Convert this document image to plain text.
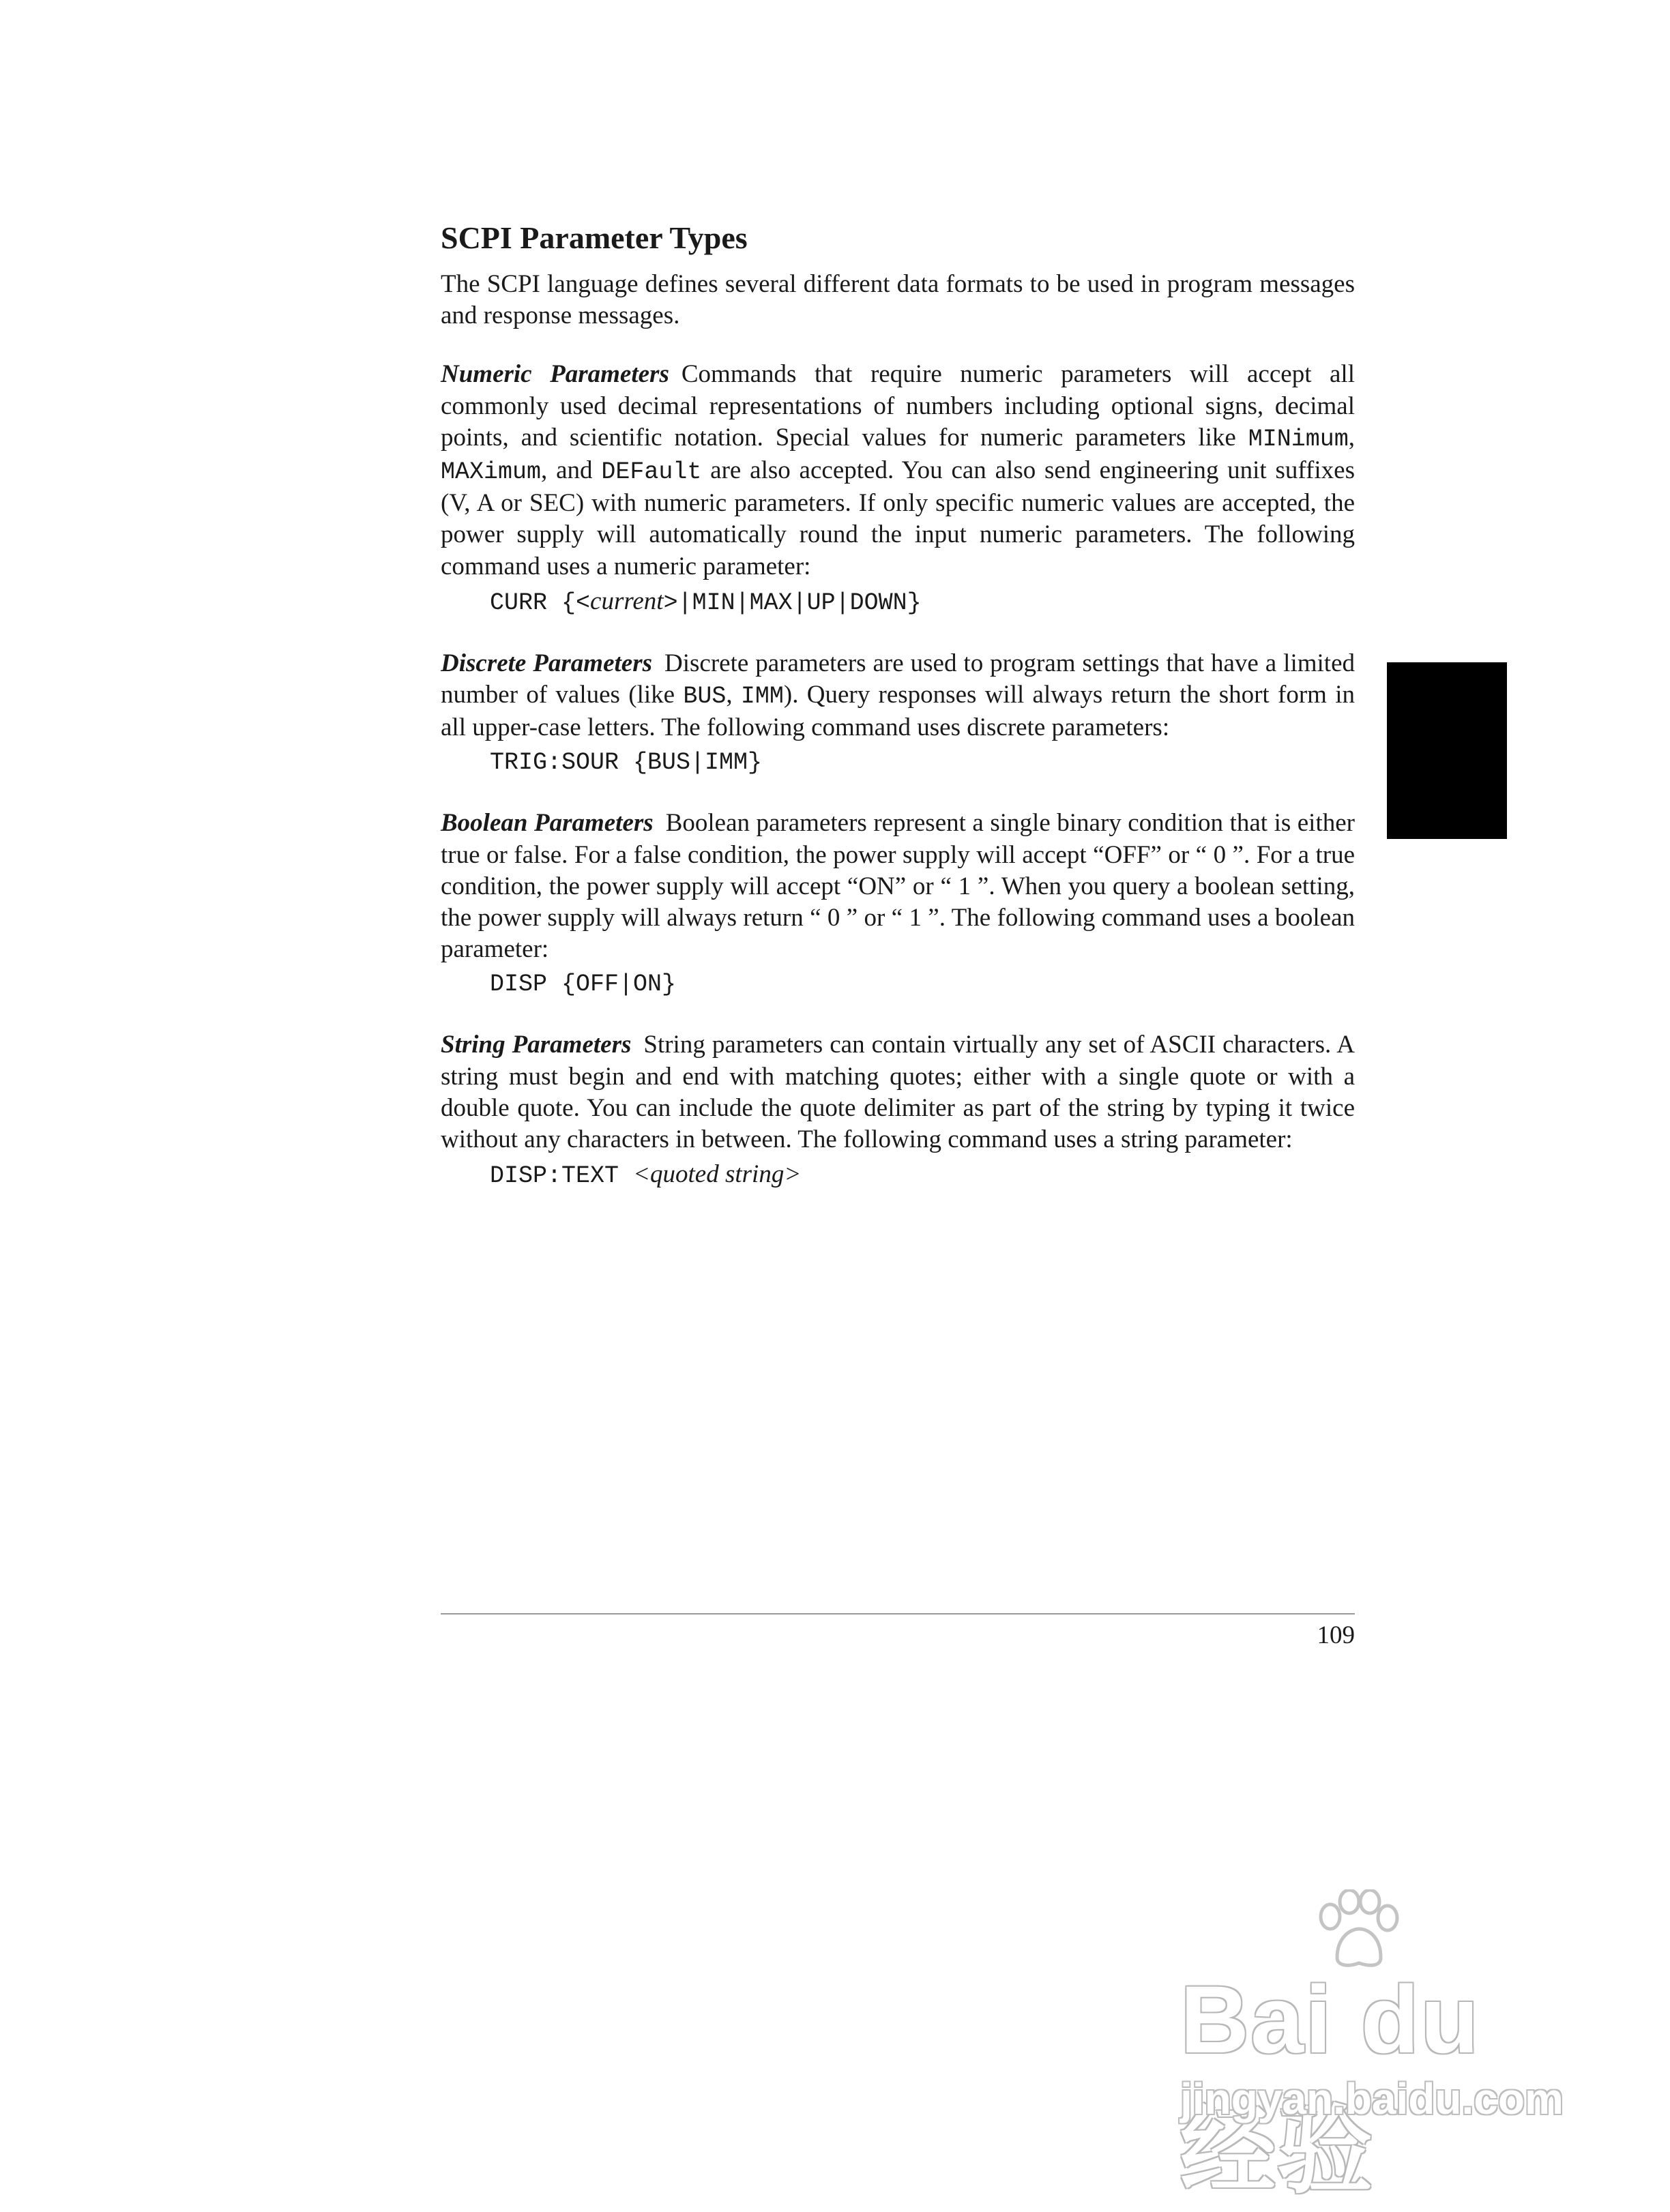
SCPI Parameter Types

The SCPI language defines several different data formats to be used in program messages and response messages.

Numeric Parameters Commands that require numeric parameters will accept all commonly used decimal representations of numbers including optional signs, decimal points, and scientific notation. Special values for numeric parameters like MINimum, MAXimum, and DEFault are also accepted. You can also send engineering unit suffixes (V, A or SEC) with numeric parameters. If only specific numeric values are accepted, the power supply will automatically round the input numeric parameters. The following command uses a numeric parameter:

CURR {<current>|MIN|MAX|UP|DOWN}

Discrete Parameters Discrete parameters are used to program settings that have a limited number of values (like BUS, IMM). Query responses will always return the short form in all upper-case letters. The following command uses discrete parameters:

TRIG:SOUR {BUS|IMM}

Boolean Parameters Boolean parameters represent a single binary condition that is either true or false. For a false condition, the power supply will accept “OFF” or “ 0 ”. For a true condition, the power supply will accept “ON” or “ 1 ”. When you query a boolean setting, the power supply will always return “ 0 ” or “ 1 ”. The following command uses a boolean parameter:

DISP {OFF|ON}

String Parameters String parameters can contain virtually any set of ASCII characters. A string must begin and end with matching quotes; either with a single quote or with a double quote. You can include the quote delimiter as part of the string by typing it twice without any characters in between. The following command uses a string parameter:

DISP:TEXT <quoted string>
109
Bai du 经验
jingyan.baidu.com
